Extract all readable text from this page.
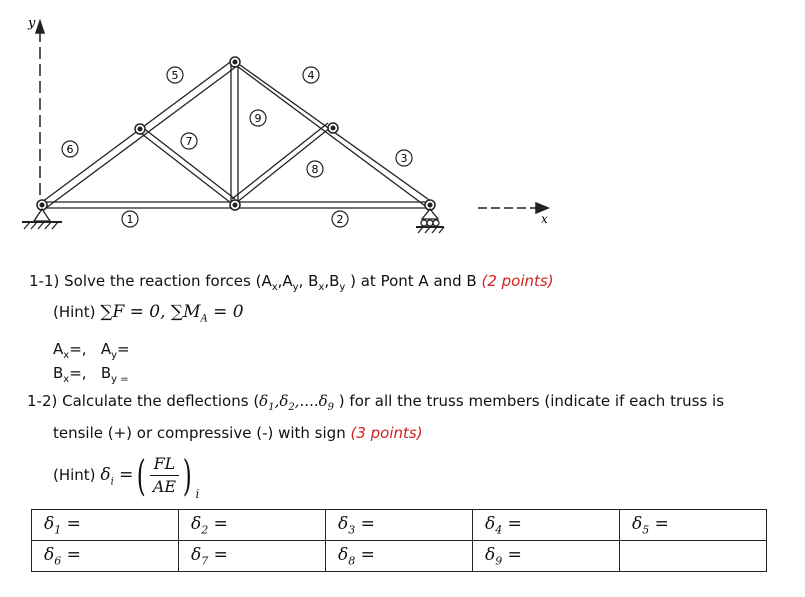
y
x
1	2
3
4
5
6
7
8
9
1-1) Solve the reaction forces ($A_x,A_y$, $B_x,B_y$ ) at Pont A and B (2 points)
(Hint) ∑F = 0, $\sum M_A = 0$
$A_x=$,   $A_y=$
$B_x=$,   $B_{y =}$
1-2) Calculate the deflections ($\delta_1,\delta_2,....\delta_9$ ) for all the truss members (indicate if each truss is
tensile (+) or compressive (-) with sign (3 points)
(Hint) $\delta_i$ =( $\frac{FL}{AE}$ ) $_i$
$\delta_1$ =	$\delta_2$ =	$\delta_3$ =	$\delta_4$ =	$\delta_5$ =
$\delta_6$ =	$\delta_7$ =	$\delta_8$ =	$\delta_9$ =	
